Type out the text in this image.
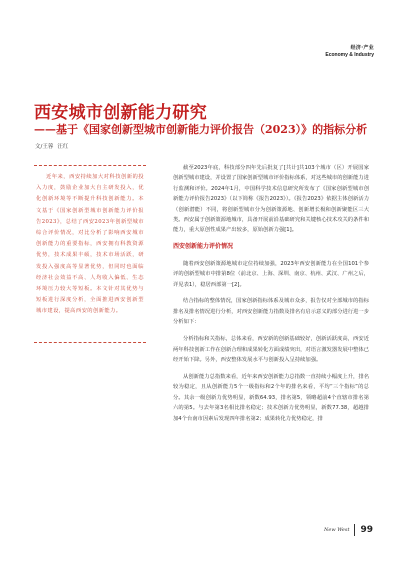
经济·产业
Economy & Industry
西安城市创新能力研究
——基于《国家创新型城市创新能力评价报告（2023）》的指标分析
文/王蓉 汪红
近年来，西安持续加大对科技创新的投入力度，鼓励企业加大自主研发投入，优化创新环境等不断提升科技创新能力。本文基于《国家创新型城市创新能力评价报告2023》，总结了西安2023年创新型城市综合评价情况，对比分析了影响西安城市创新能力的重要指标，西安拥有科教资源优势，技术成果丰硕，技术市场活跃，研发投入强度高等显著优势，但同时也面临经济社会效益不高、人均收入偏低、生态环境压力较大等短板。本文针对其优势与短板进行深度分析，全面推进西安创新型城市建设，提高西安的创新能力。

截至2023年底，科技部分四年先后批复了[共计]共103个城市（区）开展国家创新型城市建设，并设置了国家创新型城市评价指标体系，对这些城市的创新能力进行监测和评价。2024年1月，中国科学技术信息研究所发布了《国家创新型城市创新能力评价报告2023》（以下简称《报告2023》）。《报告2023》依据主体创新活力（创新潜能）不同，将创新型城市分为创新策源地、创新增长极和创新聚能区三大类。西安属于创新策源地城市，具备开展前沿基础研究和关键核心技术攻关的条件和能力，重大原创性成果产出较多，原始创新力强[1]。

西安创新能力评价情况

随着西安创新策源地城市定位持续加强，2023年西安创新能力在全国101个参评的创新型城市中排第8位（前北京、上海、深圳、南京、杭州、武汉、广州之后，详见表1），稳居西部第一[2]。

结合指标的整体情况，国家创新指标体系及城市众多，报告仅对全部城市的指标排名及排名情况进行分析，对西安创新能力指数及排名有启示意义的部分进行进一步分析如下：

分析指标和关指标，总体来看，西安新的创新基础较好，创新活跃度高，西安近两年科技创新工作在创新合理和成果转化方面成绩突出，对语言激发器发展中整体已经开始下降。另外，西安整体发展水平与创新投入呈持续加强。

从创新能力总指数来看，近年来西安创新能力总指数一直持续小幅度上升，排名较为稳定，且从创新能力5个一级指标和2个年的排名来看，平均“三个指标”的总分。其余一级创新力优势明显，新数64.93，排名第5，领略超前4个直辖市排名第六的第5。与去年第3名相比排名稳定；技术创新力优势明显，新数77.38，超越排加4个台南市因素后发现四年排名第2；成果转化力优势稳定，排

New West 99
